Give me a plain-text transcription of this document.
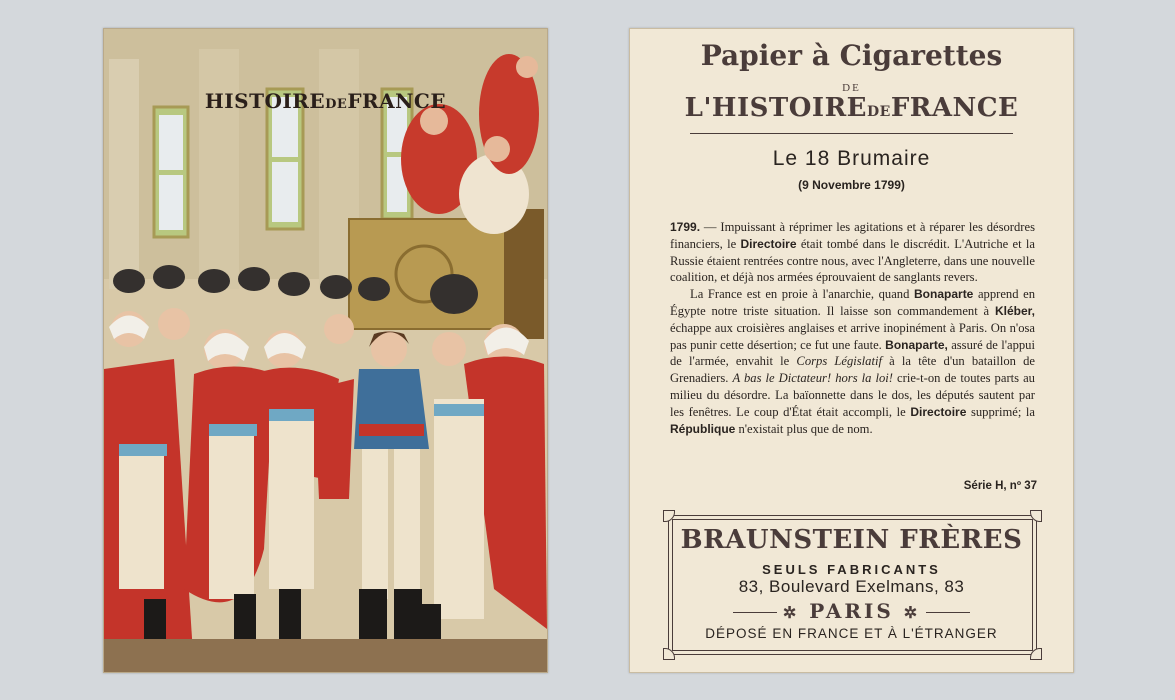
HISTOIREDEFRANCE
Papier à Cigarettes
DE
L'HISTOIREDEFRANCE
Le 18 Brumaire
(9 Novembre 1799)

1799. — Impuissant à réprimer les agitations et à réparer les désordres financiers, le Directoire était tombé dans le discrédit. L'Autriche et la Russie étaient rentrées contre nous, avec l'Angleterre, dans une nouvelle coalition, et déjà nos armées éprouvaient de sanglants revers.

La France est en proie à l'anarchie, quand Bonaparte apprend en Égypte notre triste situation. Il laisse son commandement à Kléber, échappe aux croisières anglaises et arrive inopinément à Paris. On n'osa pas punir cette désertion; ce fut une faute. Bonaparte, assuré de l'appui de l'armée, envahit le Corps Législatif à la tête d'un bataillon de Grenadiers. A bas le Dictateur! hors la loi! crie-t-on de toutes parts au milieu du désordre. La baïonnette dans le dos, les députés sautent par les fenêtres. Le coup d'État était accompli, le Directoire supprimé; la République n'existait plus que de nom.

Série H, nº 37
BRAUNSTEIN FRÈRES
SEULS FABRICANTS
83, Boulevard Exelmans, 83
✲ PARIS ✲
DÉPOSÉ EN FRANCE ET À L'ÉTRANGER
